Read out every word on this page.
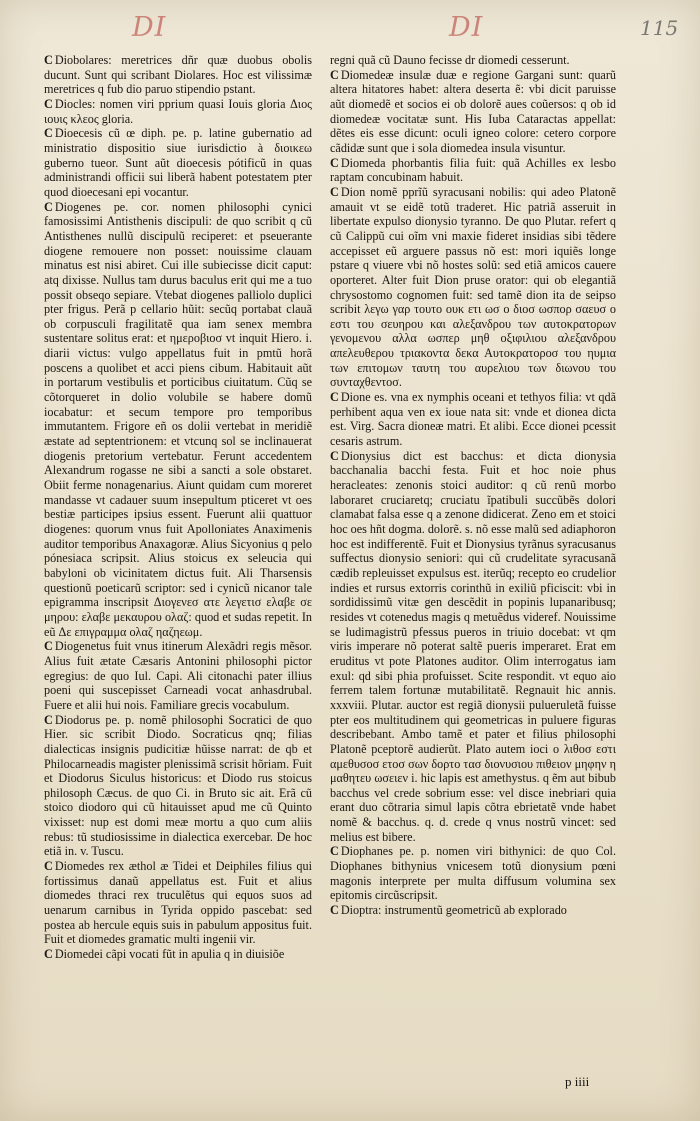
DI	DI	115

C Diobolares: meretrices dñr quæ duobus obolis ducunt. Sunt qui scribant Diolares. Hoc est vilissimæ meretrices q fub dio paruo stipendio pstant.

C Diocles: nomen viri pprium quasi Iouis gloria Διος ιουις κλεος gloria.

C Dioecesis cũ œ diph. pe. p. latine gubernatio ad ministratio dispositio siue iurisdictio à διοικεω guberno tueor. Sunt aũt dioecesis pótificũ in quas administrandi officii sui liberã habent potestatem pter quod dioecesani epi vocantur.

C Diogenes pe. cor. nomen philosophi cynici famosissimi Antisthenis discipuli: de quo scribit q cũ Antisthenes nullũ discipulũ reciperet: et pseuerante diogene remouere non posset: nouissime clauam minatus est nisi abiret. Cui ille subiecisse dicit caput: atq dixisse. Nullus tam durus baculus erit qui me a tuo possit obseqo sepiare. Vtebat diogenes palliolo duplici pter frigus. Perã p cellario hũit: secũq portabat clauã ob corpusculi fragilitatẽ qua iam senex membra sustentare solitus erat: et ημεροβιοσ vt inquit Hiero. i. diarii victus: vulgo appellatus fuit in pmtũ horã poscens a quolibet et acci piens cibum. Habitauit aũt in portarum vestibulis et porticibus ciuitatum. Cũq se cõtorqueret in dolio volubile se habere domũ iocabatur: et secum tempore pro temporibus immutantem. Frigore eñ os dolii vertebat in meridiẽ æstate ad septentrionem: et vtcunq sol se inclinauerat diogenis pretorium vertebatur. Ferunt accedentem Alexandrum rogasse ne sibi a sancti a sole obstaret. Obiit ferme nonagenarius. Aiunt quidam cum moreret mandasse vt cadauer suum insepultum pticeret vt oes bestiæ participes ipsius essent. Fuerunt alii quattuor diogenes: quorum vnus fuit Apolloniates Anaximenis auditor temporibus Anaxagoræ. Alius Sicyonius q pelo pónesiaca scripsit. Alius stoicus ex seleucia qui babyloni ob vicinitatem dictus fuit. Ali Tharsensis questionũ poeticarũ scriptor: sed i cynicũ nicanor tale epigramma inscripsit Διογενεσ ατε λεγετισ ελαβε σε μηρου: ελαβε μεκαυρου ολαζ: quod et sudas repetit. In eũ Δε επιγραμμα ολαζ ηαζηεωμ.

C Diogenetus fuit vnus itinerum Alexãdri regis mẽsor. Alius fuit ætate Cæsaris Antonini philosophi pictor egregius: de quo Iul. Capi. Ali citonachi pater illius poeni qui suscepisset Carneadi vocat anhasdrubal. Fuere et alii hui nois. Familiare grecis vocabulum.

C Diodorus pe. p. nomẽ philosophi Socratici de quo Hier. sic scribit Diodo. Socraticus qnq; filias dialecticas insignis pudicitiæ hũisse narrat: de qb et Philocarneadis magister plenissimã scrisit hõriam. Fuit et Diodorus Siculus historicus: et Diodo rus stoicus philosoph Cæcus. de quo Ci. in Bruto sic ait. Erã cũ stoico diodoro qui cũ hitauisset apud me cũ Quinto vixisset: nup est domi meæ mortu a quo cum aliis rebus: tũ studiosissime in dialectica exercebar. De hoc etiã in. v. Tuscu.

C Diomedes rex æthol æ Tidei et Deiphiles filius qui fortissimus danaũ appellatus est. Fuit et alius diomedes thraci rex truculẽtus qui equos suos ad uenarum carnibus in Tyrida oppido pascebat: sed postea ab hercule equis suis in pabulum appositus fuit. Fuit et diomedes gramatic multi ingenii vir.

C Diomedei cãpi vocati fũt in apulia q in diuisiõe

regni quã cũ Dauno fecisse dr diomedi cesserunt.

C Diomedeæ insulæ duæ e regione Gargani sunt: quarũ altera hitatores habet: altera deserta ẽ: vbi dicit paruisse aũt diomedẽ et socios ei ob dolorẽ aues coũersos: q ob id diomedeæ vocitatæ sunt. His Iuba Cataractas appellat: dẽtes eis esse dicunt: oculi igneo colore: cetero corpore cãdidæ sunt que i sola diomedea insula visuntur.

C Diomeda phorbantis filia fuit: quã Achilles ex lesbo raptam concubinam habuit.

C Dion nomẽ pprĩũ syracusani nobilis: qui adeo Platonẽ amauit vt se eidẽ totũ traderet. Hic patriã asseruit in libertate expulso dionysio tyranno. De quo Plutar. refert q cũ Calippũ cui oĩm vni maxie fideret insidias sibi tẽdere accepisset eũ arguere passus nõ est: mori iquiẽs longe pstare q viuere vbi nõ hostes solũ: sed etiã amicos cauere oporteret. Alter fuit Dion pruse orator: qui ob elegantiã chrysostomo cognomen fuit: sed tamẽ dion ita de seipso scribit λεγω γαρ τουτο ουκ ετι ωσ ο διοσ ωσπορ σαευσ ο εστι του σευηρου και αλεξανδρου των αυτοκρατορων γενομενου αλλα ωσπερ μηθ οξιφιλιου αλεξανδρου απελευθερου τριακοντα δεκα Αυτοκρατοροσ του ηυμια των επιτομων ταυτη του αυρελιου των διωνου του συνταχθεντοσ.

C Dione es. vna ex nymphis oceani et tethyos filia: vt qdã perhibent aqua ven ex ioue nata sit: vnde et dionea dicta est. Virg. Sacra dioneæ matri. Et alibi. Ecce dionei pcessit cesaris astrum.

C Dionysius dict est bacchus: et dicta dionysia bacchanalia bacchi festa. Fuit et hoc noie phus heracleates: zenonis stoici auditor: q cũ renũ morbo laboraret cruciaretq; cruciatu ĩpatibuli succũbẽs dolori clamabat falsa esse q a zenone didicerat. Zeno em et stoici hoc oes hñt dogma. dolorẽ. s. nõ esse malũ sed adiaphoron hoc est indifferentẽ. Fuit et Dionysius tyrãnus syracusanus suffectus dionysio seniori: qui cũ crudelitate syracusanã cædib repleuisset expulsus est. iterũq; recepto eo crudelior indies et rursus extorris corinthũ in exiliũ pficiscit: vbi in sordidissimũ vitæ gen descẽdit in popinis lupanaribusq; resides vt cotenedus magis q metuẽdus videref. Nouissime se ludimagistrũ pfessus pueros in triuio docebat: vt qm viris imperare nõ poterat saltẽ pueris imperaret. Erat em eruditus vt pote Platones auditor. Olim interrogatus iam exul: qd sibi phia profuisset. Scite respondit. vt equo aio ferrem talem fortunæ mutabilitatẽ. Regnauit hic annis. xxxviii. Plutar. auctor est regiã dionysii pulueruletã fuisse pter eos multitudinem qui geometricas in puluere figuras describebant. Ambo tamẽ et pater et filius philosophi Platonẽ pceptorẽ audierũt. Plato autem ioci o λιθοσ εστι αμεθυσοσ ετοσ σων δορτο τασ διονυσιου πιθειον μηφην η μαθητευ ωσειεν i. hic lapis est amethystus. q ẽm aut bibub bacchus vel crede sobrium esse: vel disce inebriari quia erant duo cõtraria simul lapis cõtra ebrietatẽ vnde habet nomẽ & bacchus. q. d. crede q vnus nostrũ vincet: sed melius est bibere.

C Diophanes pe. p. nomen viri bithynici: de quo Col. Diophanes bithynius vnicesem totũ dionysium pœni magonis interprete per multa diffusum volumina sex epitomis circũscripsit.

C Dioptra: instrumentũ geometricũ ab explorado

p iiii
